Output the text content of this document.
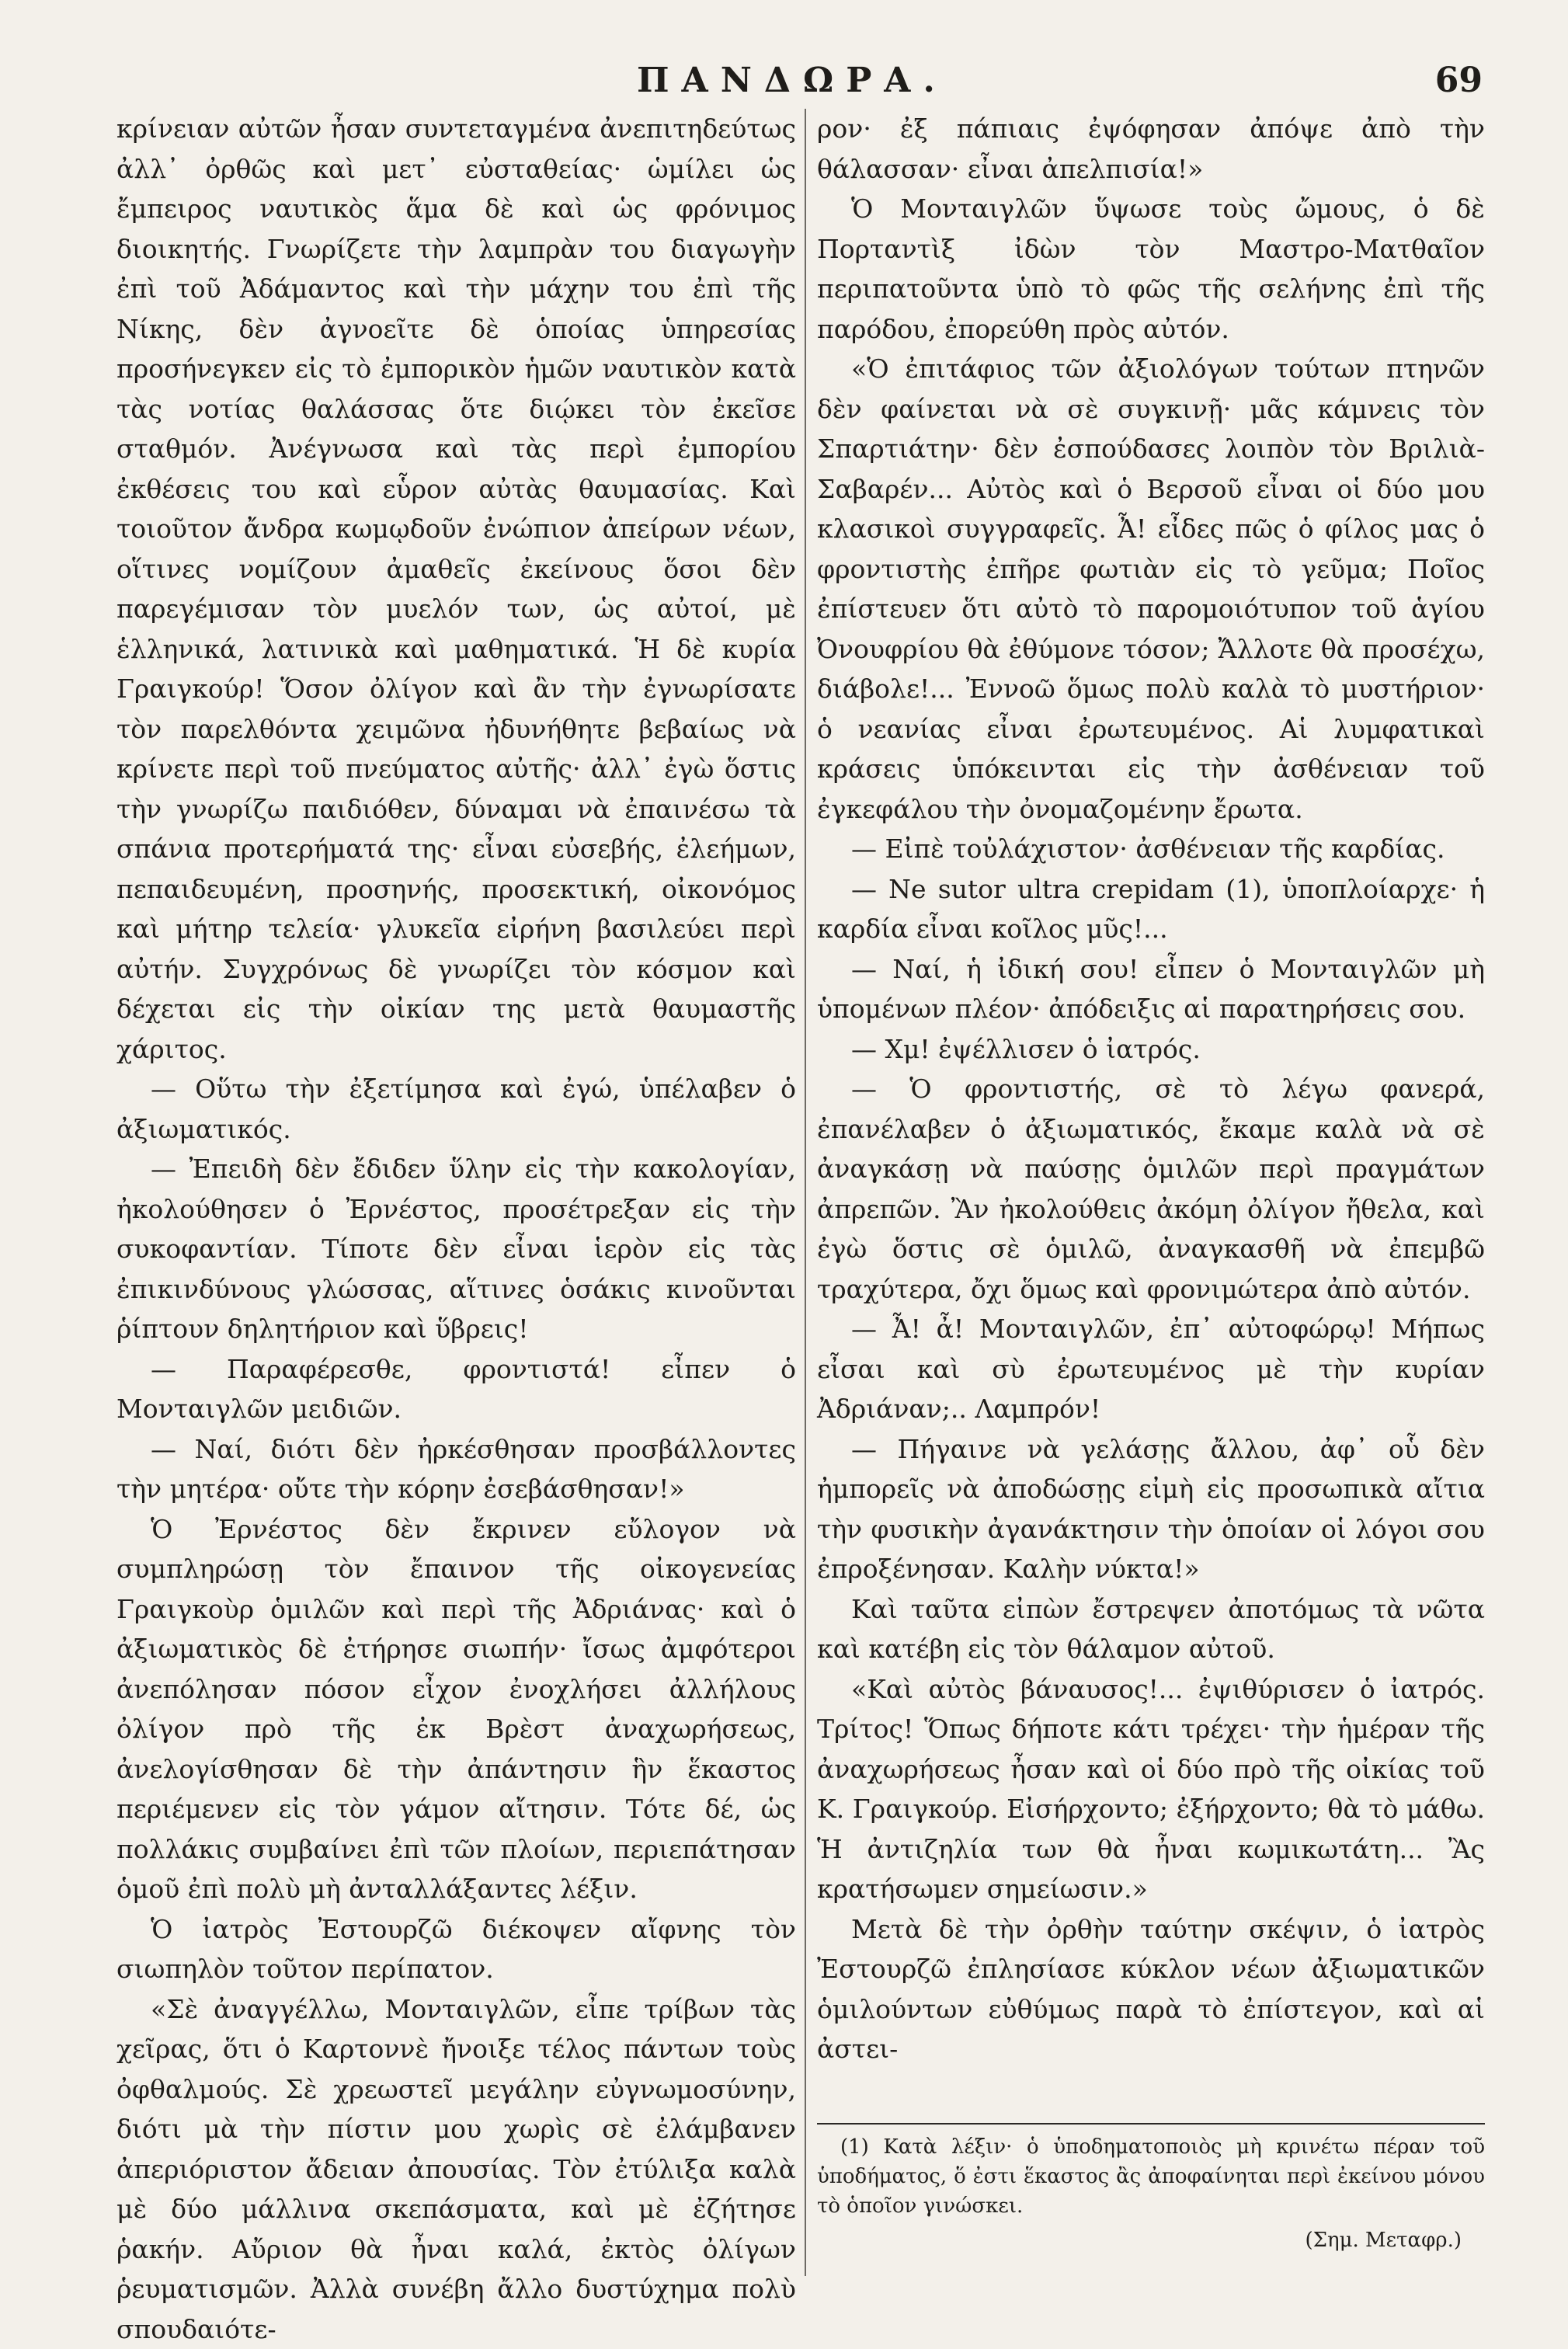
ΠΑΝΔΩΡΑ.	69

κρίνειαν αὐτῶν ἦσαν συντεταγμένα ἀνεπιτηδεύτως ἀλλ᾽ ὀρθῶς καὶ μετ᾽ εὐσταθείας· ὡμίλει ὡς ἔμπειρος ναυτικὸς ἅμα δὲ καὶ ὡς φρόνιμος διοικητής. Γνωρίζετε τὴν λαμπρὰν του διαγωγὴν ἐπὶ τοῦ Ἀδάμαντος καὶ τὴν μάχην του ἐπὶ τῆς Νίκης, δὲν ἀγνοεῖτε δὲ ὁποίας ὑπηρεσίας προσήνεγκεν εἰς τὸ ἐμπορικὸν ἡμῶν ναυτικὸν κατὰ τὰς νοτίας θαλάσσας ὅτε διῴκει τὸν ἐκεῖσε σταθμόν. Ἀνέγνωσα καὶ τὰς περὶ ἐμπορίου ἐκθέσεις του καὶ εὗρον αὐτὰς θαυμασίας. Καὶ τοιοῦτον ἄνδρα κωμῳδοῦν ἐνώπιον ἀπείρων νέων, οἵτινες νομίζουν ἀμαθεῖς ἐκείνους ὅσοι δὲν παρεγέμισαν τὸν μυελόν των, ὡς αὐτοί, μὲ ἑλληνικά, λατινικὰ καὶ μαθηματικά. Ἡ δὲ κυρία Γραιγκούρ! Ὅσον ὀλίγον καὶ ἂν τὴν ἐγνωρίσατε τὸν παρελθόντα χειμῶνα ἠδυνήθητε βεβαίως νὰ κρίνετε περὶ τοῦ πνεύματος αὐτῆς· ἀλλ᾽ ἐγὼ ὅστις τὴν γνωρίζω παιδιόθεν, δύναμαι νὰ ἐπαινέσω τὰ σπάνια προτερήματά της· εἶναι εὐσεβής, ἐλεήμων, πεπαιδευμένη, προσηνής, προσεκτική, οἰκονόμος καὶ μήτηρ τελεία· γλυκεῖα εἰρήνη βασιλεύει περὶ αὐτήν. Συγχρόνως δὲ γνωρίζει τὸν κόσμον καὶ δέχεται εἰς τὴν οἰκίαν της μετὰ θαυμαστῆς χάριτος.

— Οὕτω τὴν ἐξετίμησα καὶ ἐγώ, ὑπέλαβεν ὁ ἀξιωματικός.

— Ἐπειδὴ δὲν ἔδιδεν ὕλην εἰς τὴν κακολογίαν, ἠκολούθησεν ὁ Ἐρνέστος, προσέτρεξαν εἰς τὴν συκοφαντίαν. Τίποτε δὲν εἶναι ἱερὸν εἰς τὰς ἐπικινδύνους γλώσσας, αἵτινες ὁσάκις κινοῦνται ῥίπτουν δηλητήριον καὶ ὕβρεις!

— Παραφέρεσθε, φροντιστά! εἶπεν ὁ Μονταιγλῶν μειδιῶν.

— Ναί, διότι δὲν ἠρκέσθησαν προσβάλλοντες τὴν μητέρα· οὔτε τὴν κόρην ἐσεβάσθησαν!»

Ὁ Ἐρνέστος δὲν ἔκρινεν εὔλογον νὰ συμπληρώσῃ τὸν ἔπαινον τῆς οἰκογενείας Γραιγκοὺρ ὁμιλῶν καὶ περὶ τῆς Ἀδριάνας· καὶ ὁ ἀξιωματικὸς δὲ ἐτήρησε σιωπήν· ἴσως ἀμφότεροι ἀνεπόλησαν πόσον εἶχον ἐνοχλήσει ἀλλήλους ὀλίγον πρὸ τῆς ἐκ Βρὲστ ἀναχωρήσεως, ἀνελογίσθησαν δὲ τὴν ἀπάντησιν ἣν ἕκαστος περιέμενεν εἰς τὸν γάμον αἴτησιν. Τότε δέ, ὡς πολλάκις συμβαίνει ἐπὶ τῶν πλοίων, περιεπάτησαν ὁμοῦ ἐπὶ πολὺ μὴ ἀνταλλάξαντες λέξιν.

Ὁ ἰατρὸς Ἐστουρζῶ διέκοψεν αἴφνης τὸν σιωπηλὸν τοῦτον περίπατον.

«Σὲ ἀναγγέλλω, Μονταιγλῶν, εἶπε τρίβων τὰς χεῖρας, ὅτι ὁ Καρτοννὲ ἤνοιξε τέλος πάντων τοὺς ὀφθαλμούς. Σὲ χρεωστεῖ μεγάλην εὐγνωμοσύνην, διότι μὰ τὴν πίστιν μου χωρὶς σὲ ἐλάμβανεν ἀπεριόριστον ἄδειαν ἀπουσίας. Τὸν ἐτύλιξα καλὰ μὲ δύο μάλλινα σκεπάσματα, καὶ μὲ ἐζήτησε ῥακήν. Αὔριον θὰ ἦναι καλά, ἐκτὸς ὀλίγων ῥευματισμῶν. Ἀλλὰ συνέβη ἄλλο δυστύχημα πολὺ σπουδαιότε-

ρον· ἐξ πάπιαις ἐψόφησαν ἀπόψε ἀπὸ τὴν θάλασσαν· εἶναι ἀπελπισία!»

Ὁ Μονταιγλῶν ὕψωσε τοὺς ὤμους, ὁ δὲ Πορταντὶξ ἰδὼν τὸν Μαστρο-Ματθαῖον περιπατοῦντα ὑπὸ τὸ φῶς τῆς σελήνης ἐπὶ τῆς παρόδου, ἐπορεύθη πρὸς αὐτόν.

«Ὁ ἐπιτάφιος τῶν ἀξιολόγων τούτων πτηνῶν δὲν φαίνεται νὰ σὲ συγκινῇ· μᾶς κάμνεις τὸν Σπαρτιάτην· δὲν ἐσπούδασες λοιπὸν τὸν Βριλιὰ-Σαβαρέν... Αὐτὸς καὶ ὁ Βερσοῦ εἶναι οἱ δύο μου κλασικοὶ συγγραφεῖς. Ἆ! εἶδες πῶς ὁ φίλος μας ὁ φροντιστὴς ἐπῆρε φωτιὰν εἰς τὸ γεῦμα; Ποῖος ἐπίστευεν ὅτι αὐτὸ τὸ παρομοιότυπον τοῦ ἁγίου Ὀνουφρίου θὰ ἐθύμονε τόσον; Ἄλλοτε θὰ προσέχω, διάβολε!... Ἐννοῶ ὅμως πολὺ καλὰ τὸ μυστήριον· ὁ νεανίας εἶναι ἐρωτευμένος. Αἱ λυμφατικαὶ κράσεις ὑπόκεινται εἰς τὴν ἀσθένειαν τοῦ ἐγκεφάλου τὴν ὀνομαζομένην ἔρωτα.

— Εἰπὲ τοὐλάχιστον· ἀσθένειαν τῆς καρδίας.

— Ne sutor ultra crepidam (1), ὑποπλοίαρχε· ἡ καρδία εἶναι κοῖλος μῦς!...

— Ναί, ἡ ἰδική σου! εἶπεν ὁ Μονταιγλῶν μὴ ὑπομένων πλέον· ἀπόδειξις αἱ παρατηρήσεις σου.

— Χμ! ἐψέλλισεν ὁ ἰατρός.

— Ὁ φροντιστής, σὲ τὸ λέγω φανερά, ἐπανέλαβεν ὁ ἀξιωματικός, ἔκαμε καλὰ νὰ σὲ ἀναγκάσῃ νὰ παύσῃς ὁμιλῶν περὶ πραγμάτων ἀπρεπῶν. Ἂν ἠκολούθεις ἀκόμη ὀλίγον ἤθελα, καὶ ἐγὼ ὅστις σὲ ὁμιλῶ, ἀναγκασθῆ νὰ ἐπεμβῶ τραχύτερα, ὄχι ὅμως καὶ φρονιμώτερα ἀπὸ αὐτόν.

— Ἆ! ἆ! Μονταιγλῶν, ἐπ᾽ αὐτοφώρῳ! Μήπως εἶσαι καὶ σὺ ἐρωτευμένος μὲ τὴν κυρίαν Ἀδριάναν;.. Λαμπρόν!

— Πήγαινε νὰ γελάσῃς ἄλλου, ἀφ᾽ οὗ δὲν ἠμπορεῖς νὰ ἀποδώσῃς εἰμὴ εἰς προσωπικὰ αἴτια τὴν φυσικὴν ἀγανάκτησιν τὴν ὁποίαν οἱ λόγοι σου ἐπροξένησαν. Καλὴν νύκτα!»

Καὶ ταῦτα εἰπὼν ἔστρεψεν ἀποτόμως τὰ νῶτα καὶ κατέβη εἰς τὸν θάλαμον αὐτοῦ.

«Καὶ αὐτὸς βάναυσος!... ἐψιθύρισεν ὁ ἰατρός. Τρίτος! Ὅπως δήποτε κάτι τρέχει· τὴν ἡμέραν τῆς ἀναχωρήσεως ἦσαν καὶ οἱ δύο πρὸ τῆς οἰκίας τοῦ Κ. Γραιγκούρ. Εἰσήρχοντο; ἐξήρχοντο; θὰ τὸ μάθω. Ἡ ἀντιζηλία των θὰ ἦναι κωμικωτάτη... Ἂς κρατήσωμεν σημείωσιν.»

Μετὰ δὲ τὴν ὀρθὴν ταύτην σκέψιν, ὁ ἰατρὸς Ἐστουρζῶ ἐπλησίασε κύκλον νέων ἀξιωματικῶν ὁμιλούντων εὐθύμως παρὰ τὸ ἐπίστεγον, καὶ αἱ ἀστει-

(1) Κατὰ λέξιν· ὁ ὑποδηματοποιὸς μὴ κρινέτω πέραν τοῦ ὑποδήματος, ὅ ἐστι ἕκαστος ἂς ἀποφαίνηται περὶ ἐκείνου μόνου τὸ ὁποῖον γινώσκει.

(Σημ. Μεταφρ.)
